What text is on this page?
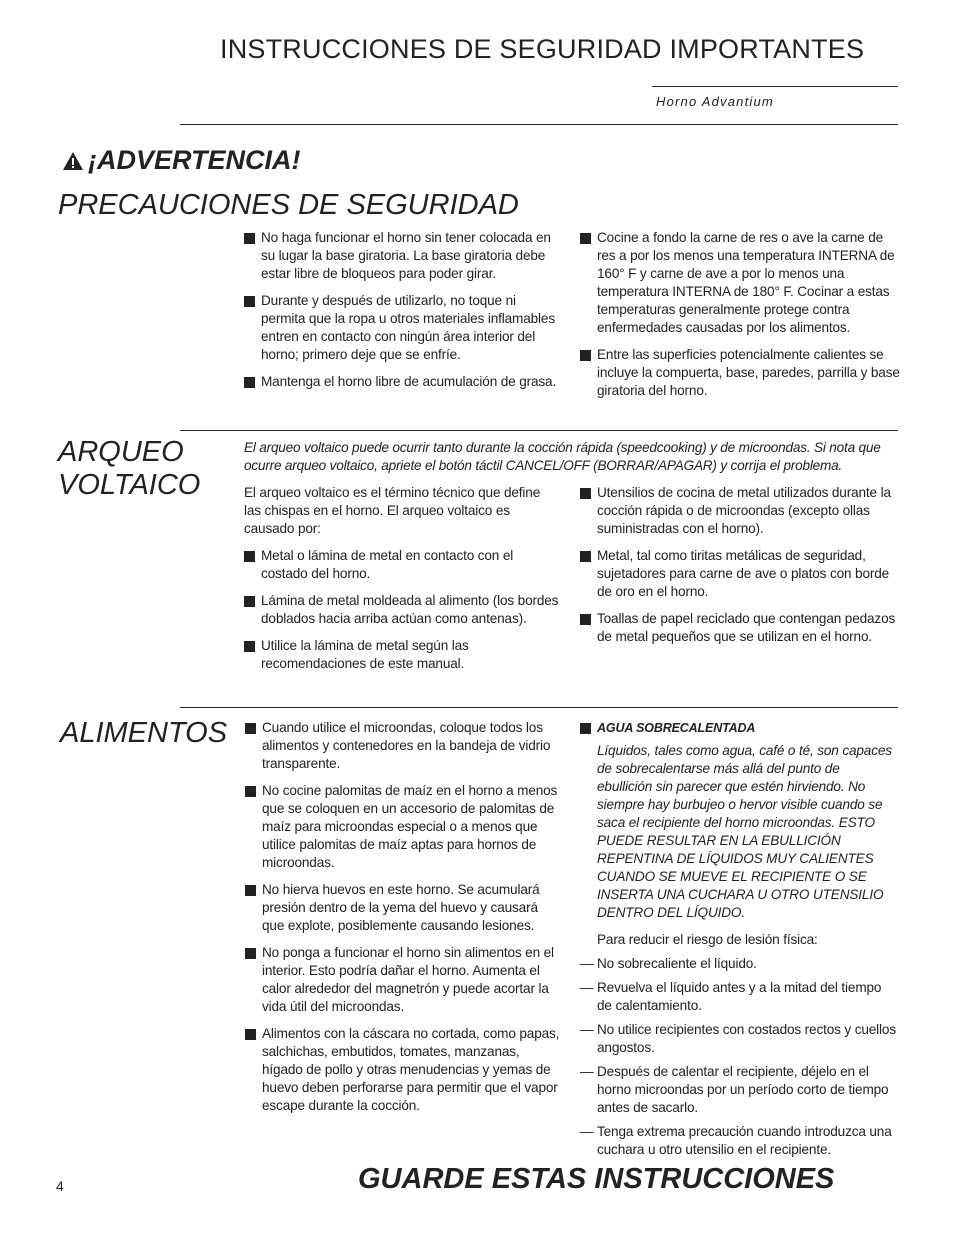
INSTRUCCIONES DE SEGURIDAD IMPORTANTES
Horno Advantium
¡ADVERTENCIA!
PRECAUCIONES DE SEGURIDAD
No haga funcionar el horno sin tener colocada en su lugar la base giratoria. La base giratoria debe estar libre de bloqueos para poder girar.
Durante y después de utilizarlo, no toque ni permita que la ropa u otros materiales inflamables entren en contacto con ningún área interior del horno; primero deje que se enfríe.
Mantenga el horno libre de acumulación de grasa.
Cocine a fondo la carne de res o ave la carne de res a por los menos una temperatura INTERNA de 160° F y carne de ave a por lo menos una temperatura INTERNA de 180° F. Cocinar a estas temperaturas generalmente protege contra enfermedades causadas por los alimentos.
Entre las superficies potencialmente calientes se incluye la compuerta, base, paredes, parrilla y base giratoria del horno.
ARQUEO
VOLTAICO
El arqueo voltaico puede ocurrir tanto durante la cocción rápida (speedcooking) y de microondas. Si nota que ocurre arqueo voltaico, apriete el botón táctil CANCEL/OFF (BORRAR/APAGAR) y corrija el problema.
El arqueo voltaico es el término técnico que define las chispas en el horno. El arqueo voltaico es causado por:
Metal o lámina de metal en contacto con el costado del horno.
Lámina de metal moldeada al alimento (los bordes doblados hacia arriba actúan como antenas).
Utilice la lámina de metal según las recomendaciones de este manual.
Utensilios de cocina de metal utilizados durante la cocción rápida o de microondas (excepto ollas suministradas con el horno).
Metal, tal como tiritas metálicas de seguridad, sujetadores para carne de ave o platos con borde de oro en el horno.
Toallas de papel reciclado que contengan pedazos de metal pequeños que se utilizan en el horno.
ALIMENTOS	Cuando utilice el microondas, coloque todos los alimentos y contenedores en la bandeja de vidrio transparente.
No cocine palomitas de maíz en el horno a menos que se coloquen en un accesorio de palomitas de maíz para microondas especial o a menos que utilice palomitas de maíz aptas para hornos de microondas.
No hierva huevos en este horno. Se acumulará presión dentro de la yema del huevo y causará que explote, posiblemente causando lesiones.
No ponga a funcionar el horno sin alimentos en el interior. Esto podría dañar el horno. Aumenta el calor alrededor del magnetrón y puede acortar la vida útil del microondas.
Alimentos con la cáscara no cortada, como papas, salchichas, embutidos, tomates, manzanas, hígado de pollo y otras menudencias y yemas de huevo deben perforarse para permitir que el vapor escape durante la cocción.
AGUA SOBRECALENTADA
Líquidos, tales como agua, café o té, son capaces de sobrecalentarse más allá del punto de ebullición sin parecer que estén hirviendo. No siempre hay burbujeo o hervor visible cuando se saca el recipiente del horno microondas. ESTO PUEDE RESULTAR EN LA EBULLICIÓN REPENTINA DE LÍQUIDOS MUY CALIENTES CUANDO SE MUEVE EL RECIPIENTE O SE INSERTA UNA CUCHARA U OTRO UTENSILIO DENTRO DEL LÍQUIDO.
Para reducir el riesgo de lesión física:
— No sobrecaliente el líquido.
— Revuelva el líquido antes y a la mitad del tiempo de calentamiento.
— No utilice recipientes con costados rectos y cuellos angostos.
— Después de calentar el recipiente, déjelo en el horno microondas por un período corto de tiempo antes de sacarlo.
— Tenga extrema precaución cuando introduzca una cuchara u otro utensilio en el recipiente.
4	GUARDE ESTAS INSTRUCCIONES
